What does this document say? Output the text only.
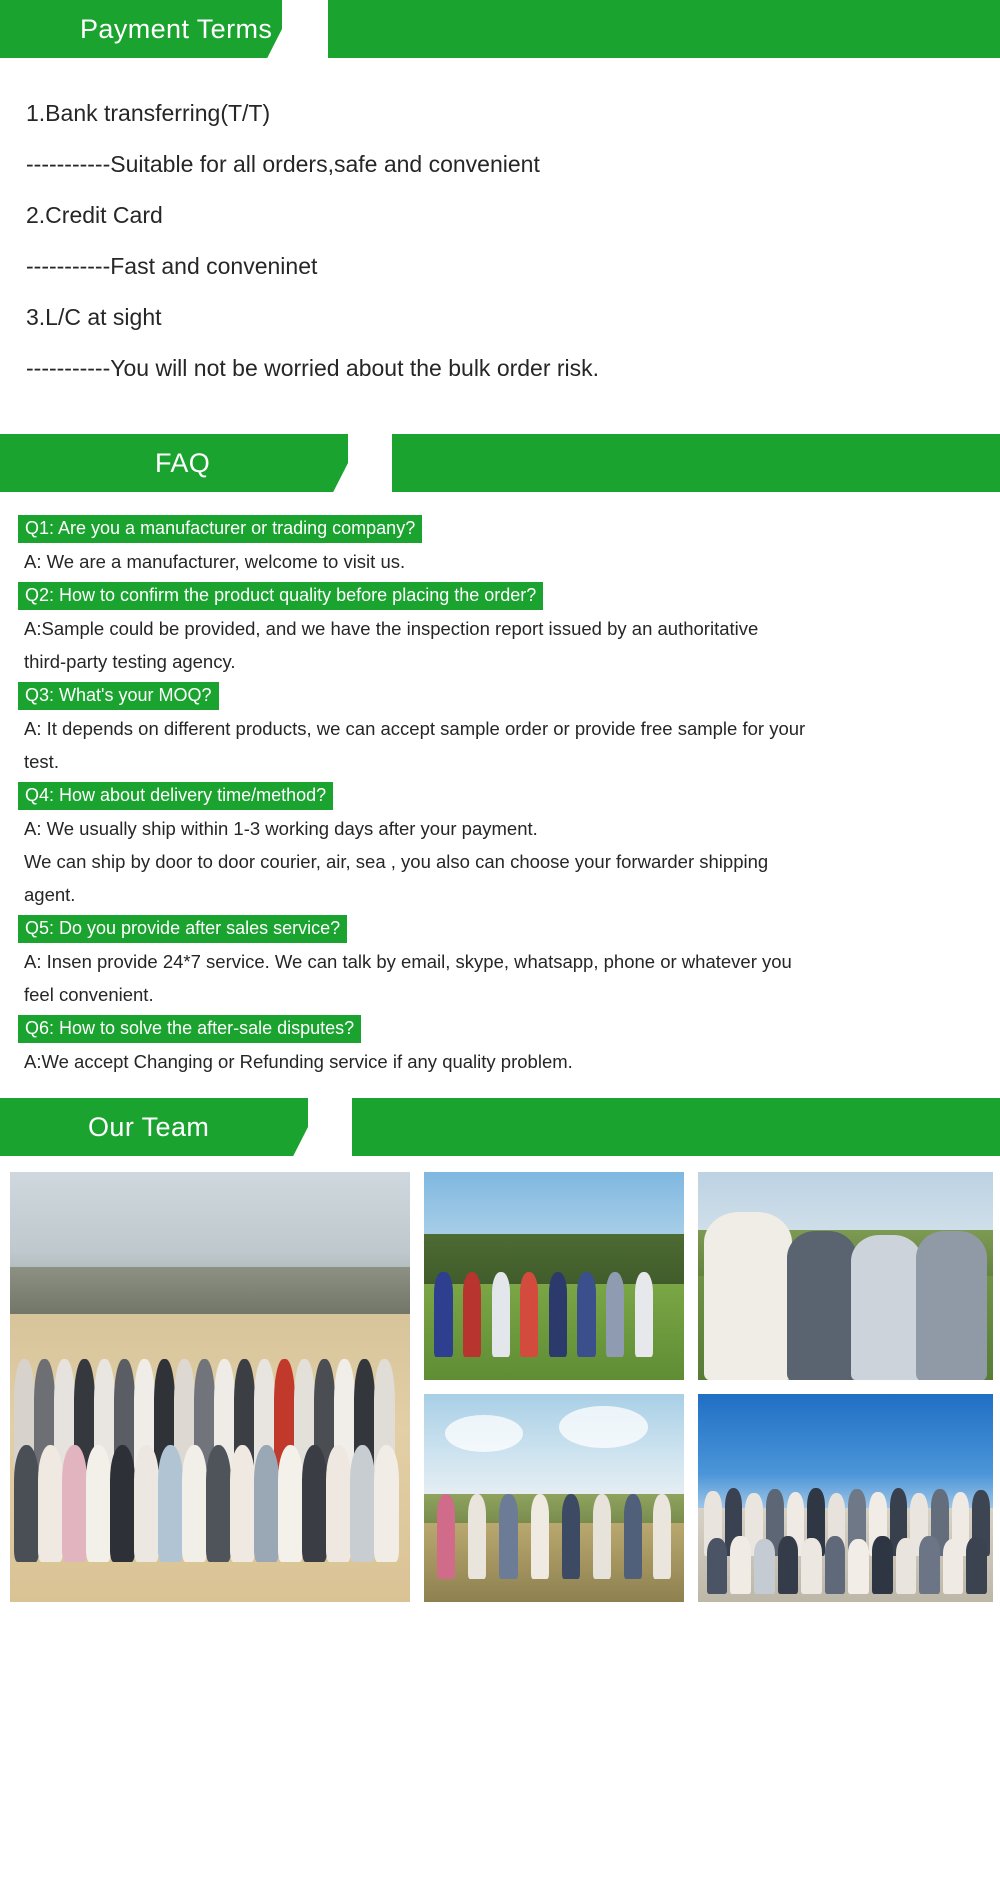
Payment Terms
1.Bank transferring(T/T)
-----------Suitable for all orders,safe and convenient
2.Credit Card
-----------Fast and conveninet
3.L/C at sight
-----------You will not be worried about the bulk order risk.
FAQ
Q1: Are you a manufacturer or trading company?
A: We are a manufacturer, welcome to visit us.
Q2: How to confirm the product quality before placing the order?
A:Sample could be provided, and we have the inspection report issued by an authoritative
third-party testing agency.
Q3: What's your MOQ?
A: It depends on different products, we can accept sample order or provide free sample for your
test.
Q4: How about delivery time/method?
A: We usually ship within 1-3 working days after your payment.
We can ship by door to door courier, air, sea , you also can choose your forwarder shipping
agent.
Q5: Do you provide after sales service?
A: Insen provide 24*7 service. We can talk by email, skype, whatsapp, phone or whatever you
feel convenient.
Q6: How to solve the after-sale disputes?
A:We accept Changing or Refunding service if any quality problem.
Our Team
